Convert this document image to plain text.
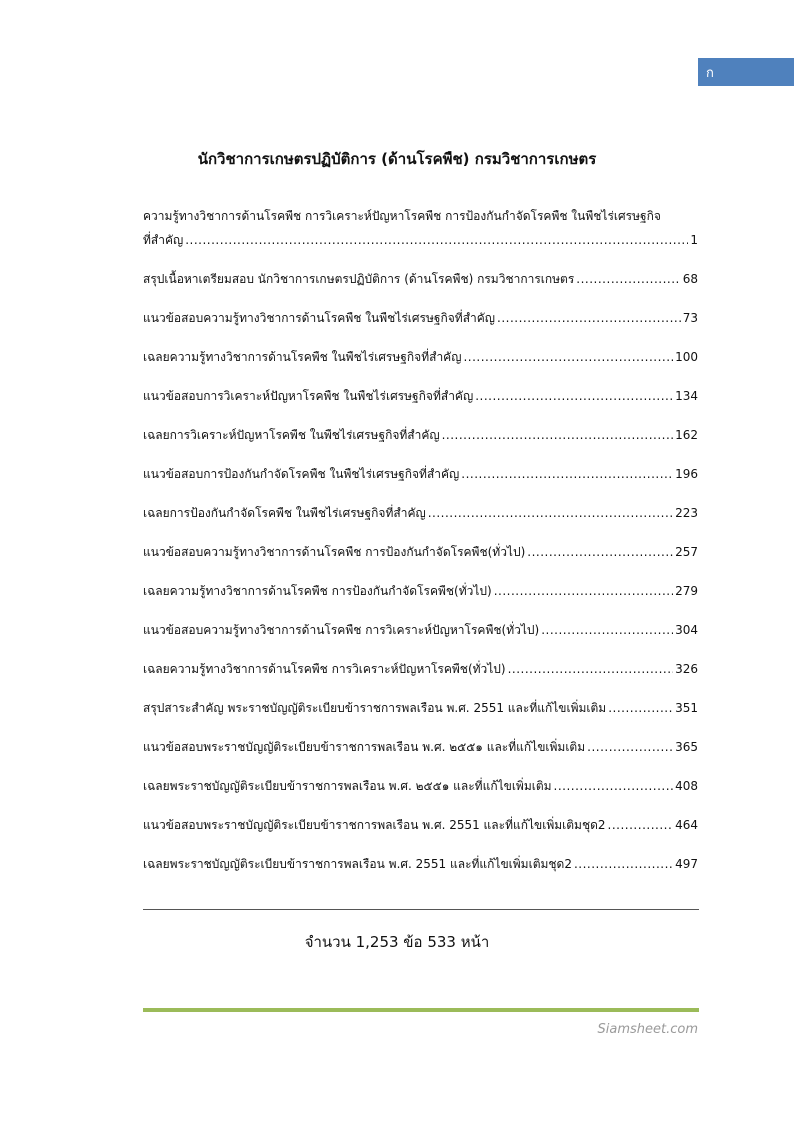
ก
นักวิชาการเกษตรปฏิบัติการ (ด้านโรคพืช) กรมวิชาการเกษตร
ความรู้ทางวิชาการด้านโรคพืช การวิเคราะห์ปัญหาโรคพืช การป้องกันกำจัดโรคพืช ในพืชไร่เศรษฐกิจ
ที่สำคัญ .....	1
สรุปเนื้อหาเตรียมสอบ นักวิชาการเกษตรปฏิบัติการ (ด้านโรคพืช) กรมวิชาการเกษตร .....	68
แนวข้อสอบความรู้ทางวิชาการด้านโรคพืช ในพืชไร่เศรษฐกิจที่สำคัญ .....	73
เฉลยความรู้ทางวิชาการด้านโรคพืช ในพืชไร่เศรษฐกิจที่สำคัญ .....	100
แนวข้อสอบการวิเคราะห์ปัญหาโรคพืช ในพืชไร่เศรษฐกิจที่สำคัญ .....	134
เฉลยการวิเคราะห์ปัญหาโรคพืช ในพืชไร่เศรษฐกิจที่สำคัญ .....	162
แนวข้อสอบการป้องกันกำจัดโรคพืช ในพืชไร่เศรษฐกิจที่สำคัญ .....	196
เฉลยการป้องกันกำจัดโรคพืช ในพืชไร่เศรษฐกิจที่สำคัญ .....	223
แนวข้อสอบความรู้ทางวิชาการด้านโรคพืช การป้องกันกำจัดโรคพืช(ทั่วไป) .....	257
เฉลยความรู้ทางวิชาการด้านโรคพืช การป้องกันกำจัดโรคพืช(ทั่วไป) .....	279
แนวข้อสอบความรู้ทางวิชาการด้านโรคพืช การวิเคราะห์ปัญหาโรคพืช(ทั่วไป) .....	304
เฉลยความรู้ทางวิชาการด้านโรคพืช การวิเคราะห์ปัญหาโรคพืช(ทั่วไป) .....	326
สรุปสาระสำคัญ พระราชบัญญัติระเบียบข้าราชการพลเรือน พ.ศ. 2551 และที่แก้ไขเพิ่มเติม .....	351
แนวข้อสอบพระราชบัญญัติระเบียบข้าราชการพลเรือน พ.ศ. ๒๕๕๑ และที่แก้ไขเพิ่มเติม .....	365
เฉลยพระราชบัญญัติระเบียบข้าราชการพลเรือน พ.ศ. ๒๕๕๑ และที่แก้ไขเพิ่มเติม .....	408
แนวข้อสอบพระราชบัญญัติระเบียบข้าราชการพลเรือน พ.ศ. 2551 และที่แก้ไขเพิ่มเติมชุด2 .....	464
เฉลยพระราชบัญญัติระเบียบข้าราชการพลเรือน พ.ศ. 2551 และที่แก้ไขเพิ่มเติมชุด2 .....	497
จำนวน 1,253 ข้อ 533 หน้า
Siamsheet.com
